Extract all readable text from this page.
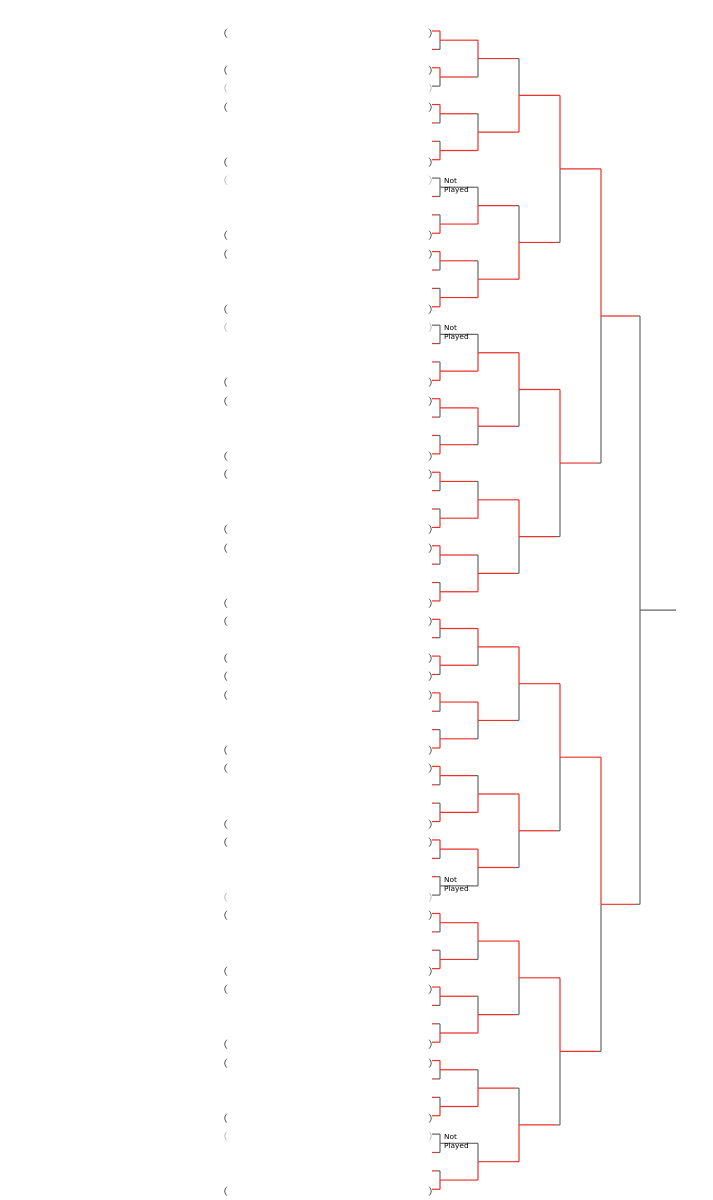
（	）
（	）
（	）
（	）
（	）
（	）
（	）
（	）
（	）
（	）
（	）
（	）
（	）
（	）
（	）
（	）
（	）
（	）
（	）
（	）
（	）
（	）
（	）
（	）
（	）
（	）
（	）
（	）
（	）
（	）
（	）
（	）
（	）
（	）
Not
Played
Not
Played
Not
Played
Not
Played
